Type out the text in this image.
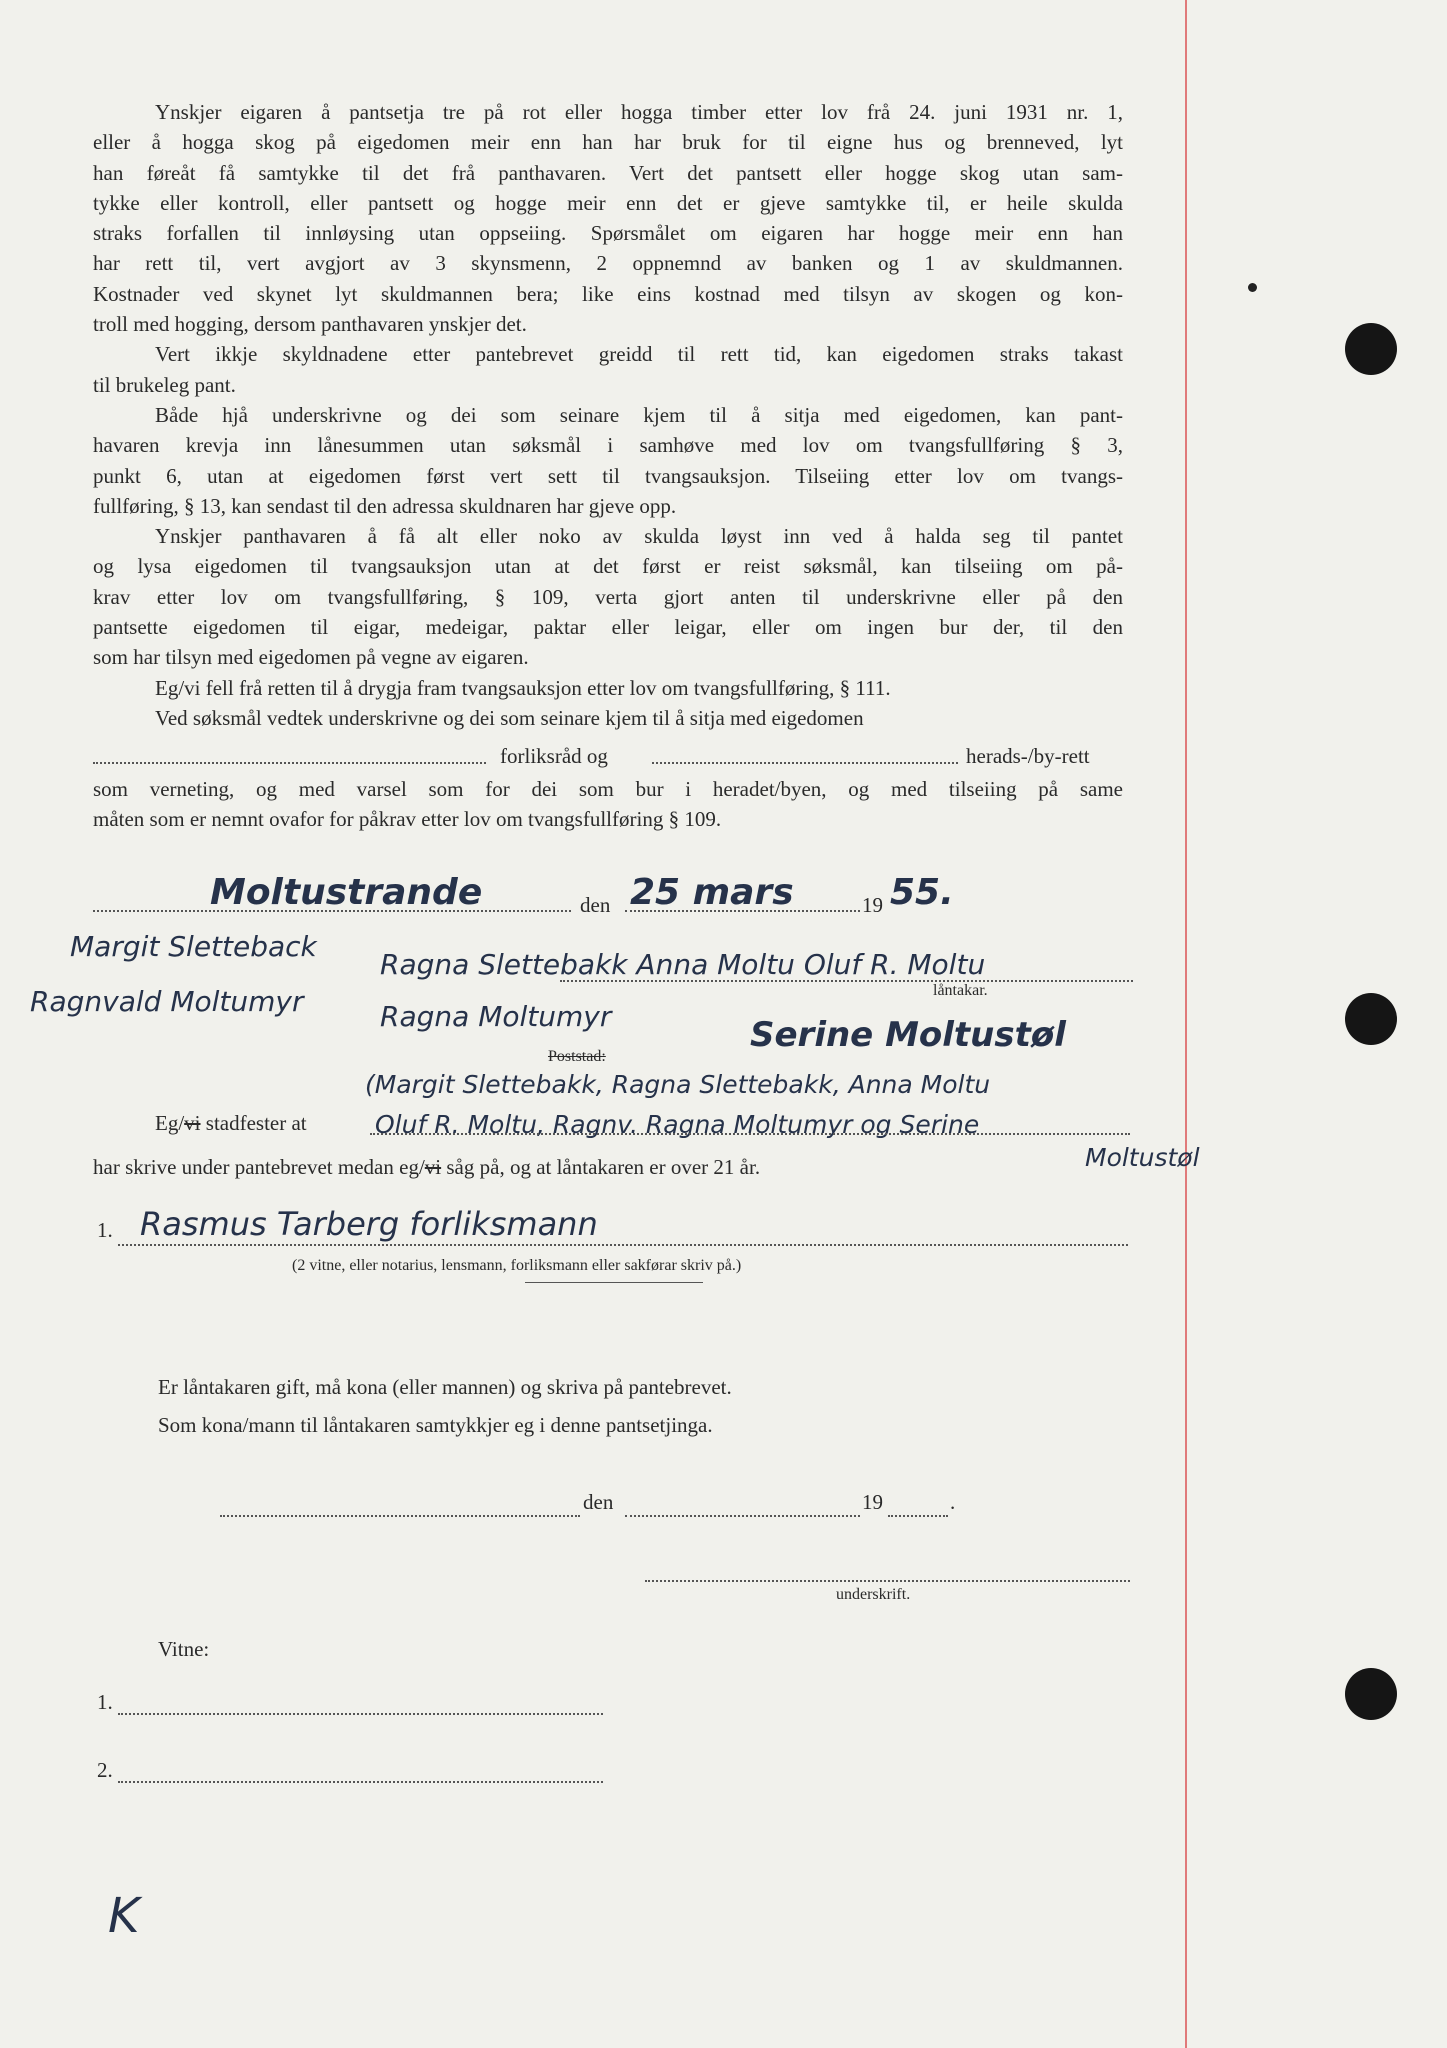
Ynskjer eigaren å pantsetja tre på rot eller hogga timber etter lov frå 24. juni 1931 nr. 1,
eller å hogga skog på eigedomen meir enn han har bruk for til eigne hus og brenneved, lyt
han føreåt få samtykke til det frå panthavaren. Vert det pantsett eller hogge skog utan sam-
tykke eller kontroll, eller pantsett og hogge meir enn det er gjeve samtykke til, er heile skulda
straks forfallen til innløysing utan oppseiing. Spørsmålet om eigaren har hogge meir enn han
har rett til, vert avgjort av 3 skynsmenn, 2 oppnemnd av banken og 1 av skuldmannen.
Kostnader ved skynet lyt skuldmannen bera; like eins kostnad med tilsyn av skogen og kon-
troll med hogging, dersom panthavaren ynskjer det.

Vert ikkje skyldnadene etter pantebrevet greidd til rett tid, kan eigedomen straks takast
til brukeleg pant.

Både hjå underskrivne og dei som seinare kjem til å sitja med eigedomen, kan pant-
havaren krevja inn lånesummen utan søksmål i samhøve med lov om tvangsfullføring § 3,
punkt 6, utan at eigedomen først vert sett til tvangsauksjon. Tilseiing etter lov om tvangs-
fullføring, § 13, kan sendast til den adressa skuldnaren har gjeve opp.

Ynskjer panthavaren å få alt eller noko av skulda løyst inn ved å halda seg til pantet
og lysa eigedomen til tvangsauksjon utan at det først er reist søksmål, kan tilseiing om på-
krav etter lov om tvangsfullføring, § 109, verta gjort anten til underskrivne eller på den
pantsette eigedomen til eigar, medeigar, paktar eller leigar, eller om ingen bur der, til den
som har tilsyn med eigedomen på vegne av eigaren.

Eg/vi fell frå retten til å drygja fram tvangsauksjon etter lov om tvangsfullføring, § 111.

Ved søksmål vedtek underskrivne og dei som seinare kjem til å sitja med eigedomen

forliksråd og	herads-/by-rett

som verneting, og med varsel som for dei som bur i heradet/byen, og med tilseiing på same
måten som er nemnt ovafor for påkrav etter lov om tvangsfullføring § 109.

Moltustrande	den 25 mars	19 55.
Margit Sletteback
Ragnvald Moltumyr
Ragna Slettebakk Anna Moltu Oluf R. Moltu
låntakar.
Ragna Moltumyr	Serine Moltustøl
Poststad:
(Margit Slettebakk, Ragna Slettebakk, Anna Moltu
Eg/vi stadfester at	Oluf R. Moltu, Ragnv. Ragna Moltumyr og Serine
har skrive under pantebrevet medan eg/vi såg på, og at låntakaren er over 21 år.	Moltustøl
1. Rasmus Tarberg forliksmann
(2 vitne, eller notarius, lensmann, forliksmann eller sakførar skriv på.)
Er låntakaren gift, må kona (eller mannen) og skriva på pantebrevet.
Som kona/mann til låntakaren samtykkjer eg i denne pantsetjinga.
den	19	.
underskrift.
Vitne:
1.
2.
K
